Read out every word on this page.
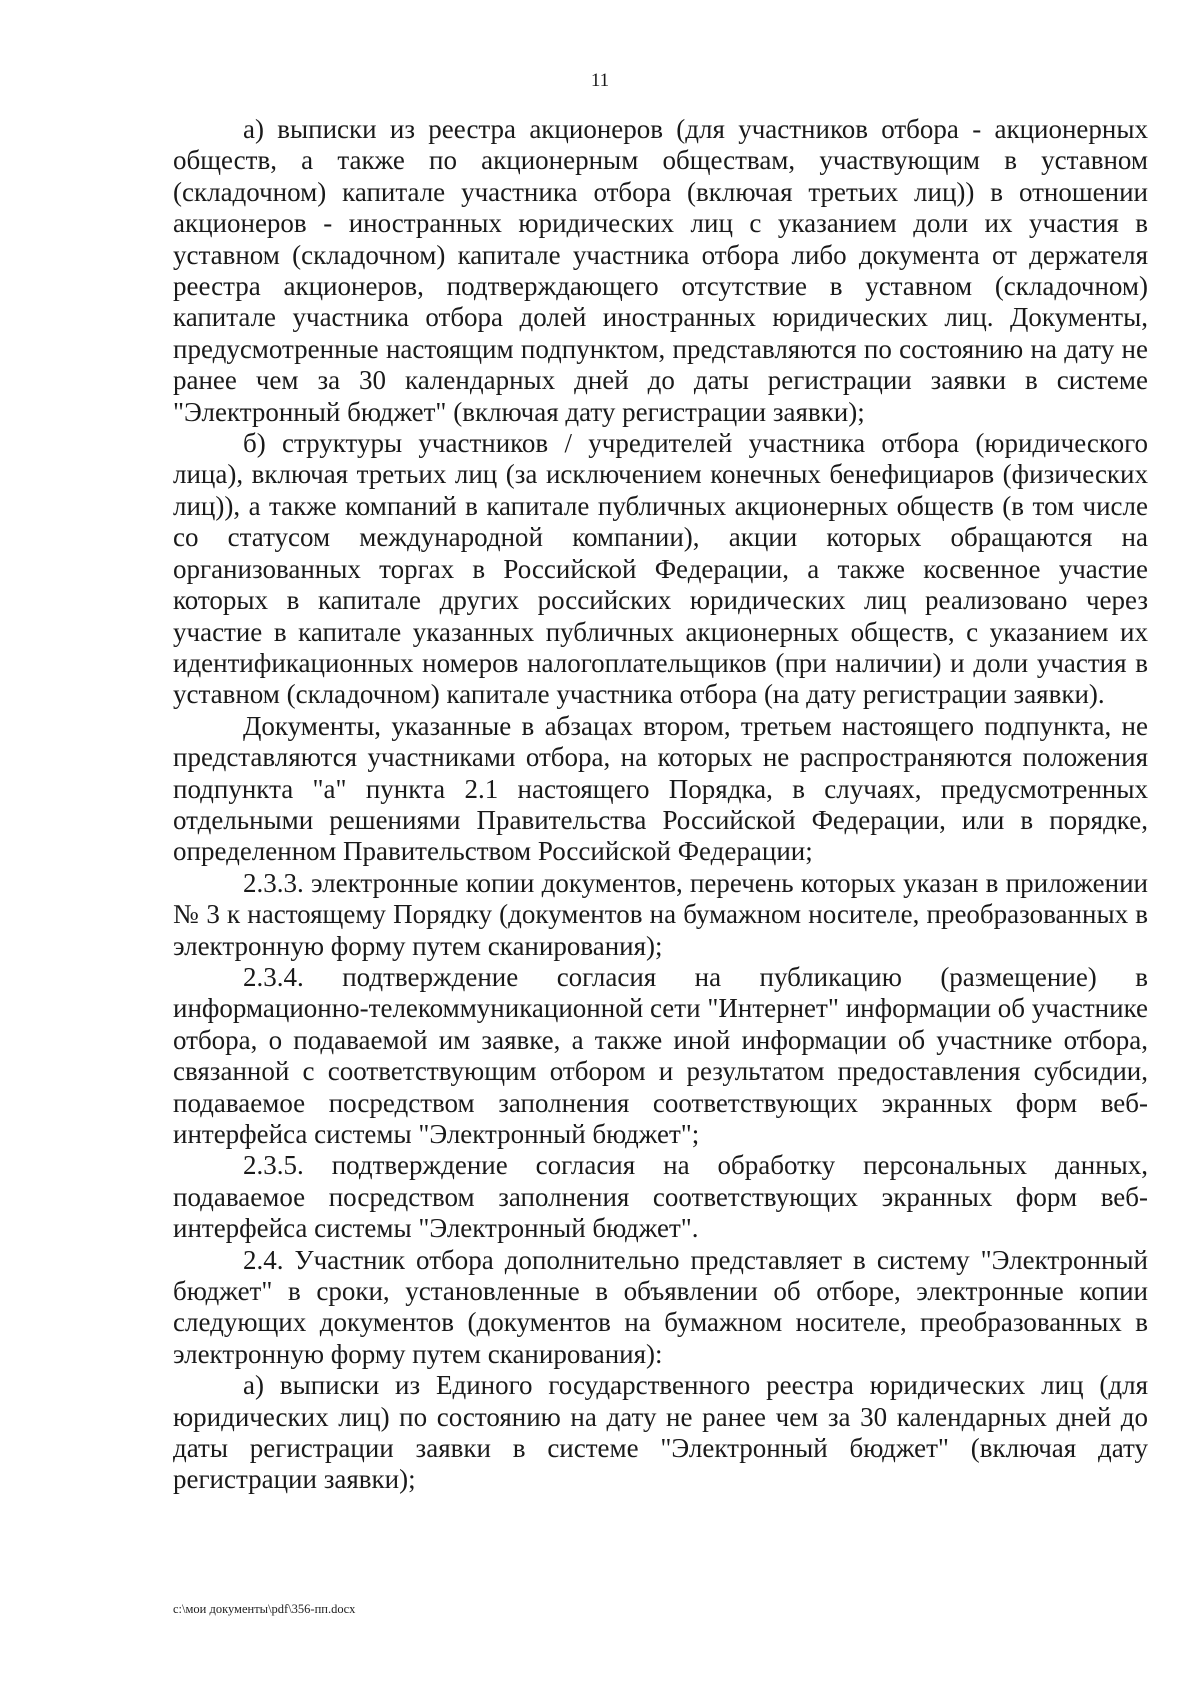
11

а) выписки из реестра акционеров (для участников отбора - акционерных обществ, а также по акционерным обществам, участвующим в уставном (складочном) капитале участника отбора (включая третьих лиц)) в отношении акционеров - иностранных юридических лиц с указанием доли их участия в уставном (складочном) капитале участника отбора либо документа от держателя реестра акционеров, подтверждающего отсутствие в уставном (складочном) капитале участника отбора долей иностранных юридических лиц. Документы, предусмотренные настоящим подпунктом, представляются по состоянию на дату не ранее чем за 30 календарных дней до даты регистрации заявки в системе "Электронный бюджет" (включая дату регистрации заявки);

б) структуры участников / учредителей участника отбора (юридического лица), включая третьих лиц (за исключением конечных бенефициаров (физических лиц)), а также компаний в капитале публичных акционерных обществ (в том числе со статусом международной компании), акции которых обращаются на организованных торгах в Российской Федерации, а также косвенное участие которых в капитале других российских юридических лиц реализовано через участие в капитале указанных публичных акционерных обществ, с указанием их идентификационных номеров налогоплательщиков (при наличии) и доли участия в уставном (складочном) капитале участника отбора (на дату регистрации заявки).

Документы, указанные в абзацах втором, третьем настоящего подпункта, не представляются участниками отбора, на которых не распространяются положения подпункта "а" пункта 2.1 настоящего Порядка, в случаях, предусмотренных отдельными решениями Правительства Российской Федерации, или в порядке, определенном Правительством Российской Федерации;

2.3.3. электронные копии документов, перечень которых указан в приложении № 3 к настоящему Порядку (документов на бумажном носителе, преобразованных в электронную форму путем сканирования);

2.3.4. подтверждение согласия на публикацию (размещение) в информационно-телекоммуникационной сети "Интернет" информации об участнике отбора, о подаваемой им заявке, а также иной информации об участнике отбора, связанной с соответствующим отбором и результатом предоставления субсидии, подаваемое посредством заполнения соответствующих экранных форм веб-интерфейса системы "Электронный бюджет";

2.3.5. подтверждение согласия на обработку персональных данных, подаваемое посредством заполнения соответствующих экранных форм веб-интерфейса системы "Электронный бюджет".

2.4. Участник отбора дополнительно представляет в систему "Электронный бюджет" в сроки, установленные в объявлении об отборе, электронные копии следующих документов (документов на бумажном носителе, преобразованных в электронную форму путем сканирования):

а) выписки из Единого государственного реестра юридических лиц (для юридических лиц) по состоянию на дату не ранее чем за 30 календарных дней до даты регистрации заявки в системе "Электронный бюджет" (включая дату регистрации заявки);

c:\мои документы\pdf\356-пп.docx
